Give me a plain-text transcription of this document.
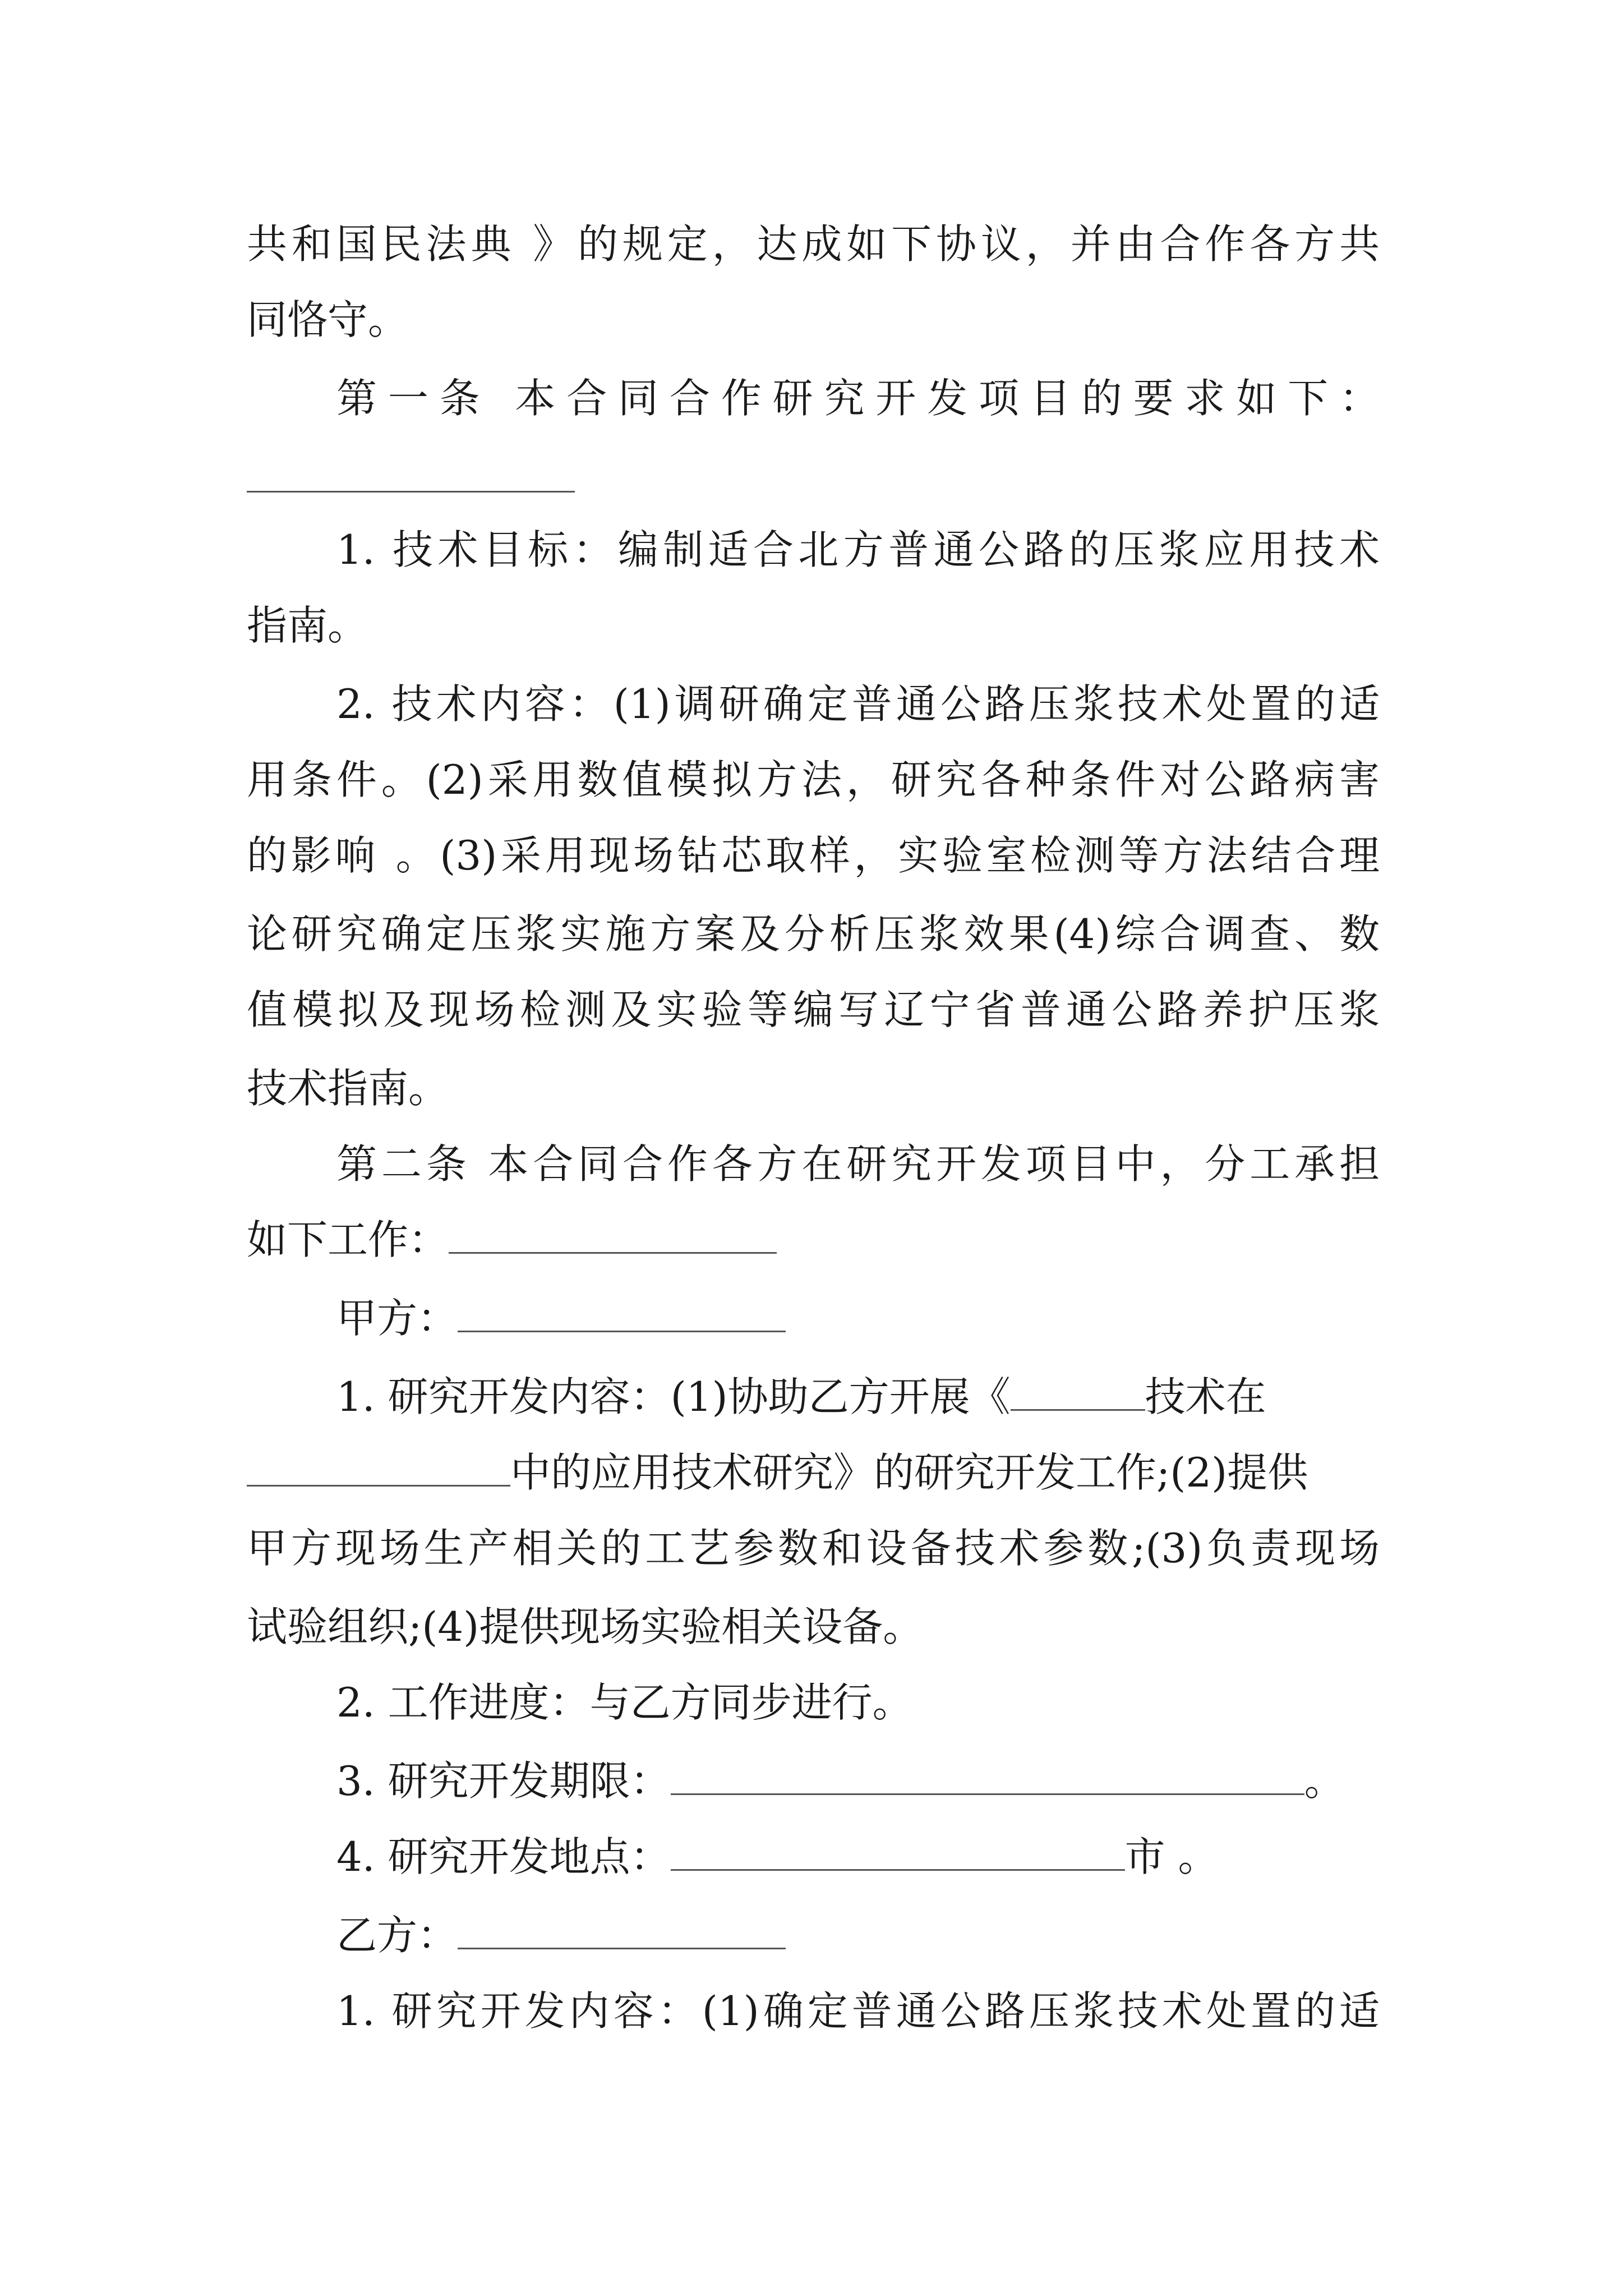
共和国民法典 》的规定，达成如下协议，并由合作各方共
同恪守。
第一条 本合同合作研究开发项目的要求如下：
1. 技术目标：编制适合北方普通公路的压浆应用技术
指南。
2. 技术内容：(1)调研确定普通公路压浆技术处置的适
用条件。(2)采用数值模拟方法，研究各种条件对公路病害
的影响 。(3)采用现场钻芯取样，实验室检测等方法结合理
论研究确定压浆实施方案及分析压浆效果(4)综合调查、数
值模拟及现场检测及实验等编写辽宁省普通公路养护压浆
技术指南。
第二条 本合同合作各方在研究开发项目中，分工承担
如下工作：
甲方：
1. 研究开发内容：(1)协助乙方开展《	技术在
中的应用技术研究》的研究开发工作;(2)提供
甲方现场生产相关的工艺参数和设备技术参数;(3)负责现场
试验组织;(4)提供现场实验相关设备。
2. 工作进度：与乙方同步进行。
3. 研究开发期限：	。
4. 研究开发地点：	市 。
乙方：
1. 研究开发内容：(1)确定普通公路压浆技术处置的适
